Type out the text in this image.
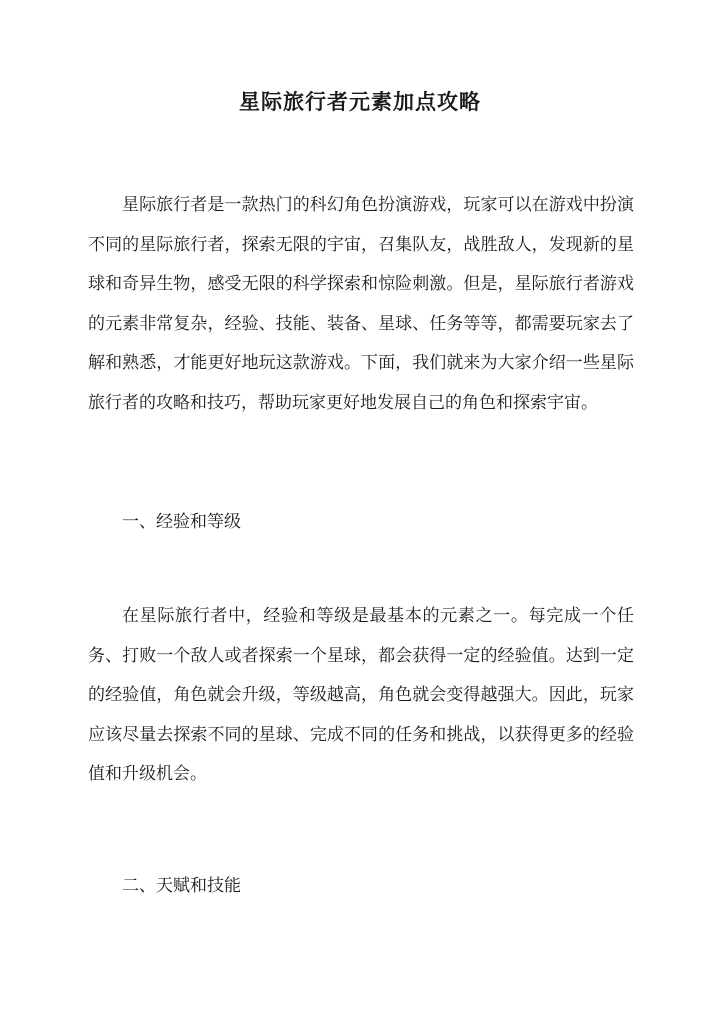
星际旅行者元素加点攻略

星际旅行者是一款热门的科幻角色扮演游戏，玩家可以在游戏中扮演不同的星际旅行者，探索无限的宇宙，召集队友，战胜敌人，发现新的星球和奇异生物，感受无限的科学探索和惊险刺激。但是，星际旅行者游戏的元素非常复杂，经验、技能、装备、星球、任务等等，都需要玩家去了解和熟悉，才能更好地玩这款游戏。下面，我们就来为大家介绍一些星际旅行者的攻略和技巧，帮助玩家更好地发展自己的角色和探索宇宙。

一、经验和等级

在星际旅行者中，经验和等级是最基本的元素之一。每完成一个任务、打败一个敌人或者探索一个星球，都会获得一定的经验值。达到一定的经验值，角色就会升级，等级越高，角色就会变得越强大。因此，玩家应该尽量去探索不同的星球、完成不同的任务和挑战，以获得更多的经验值和升级机会。

二、天赋和技能
